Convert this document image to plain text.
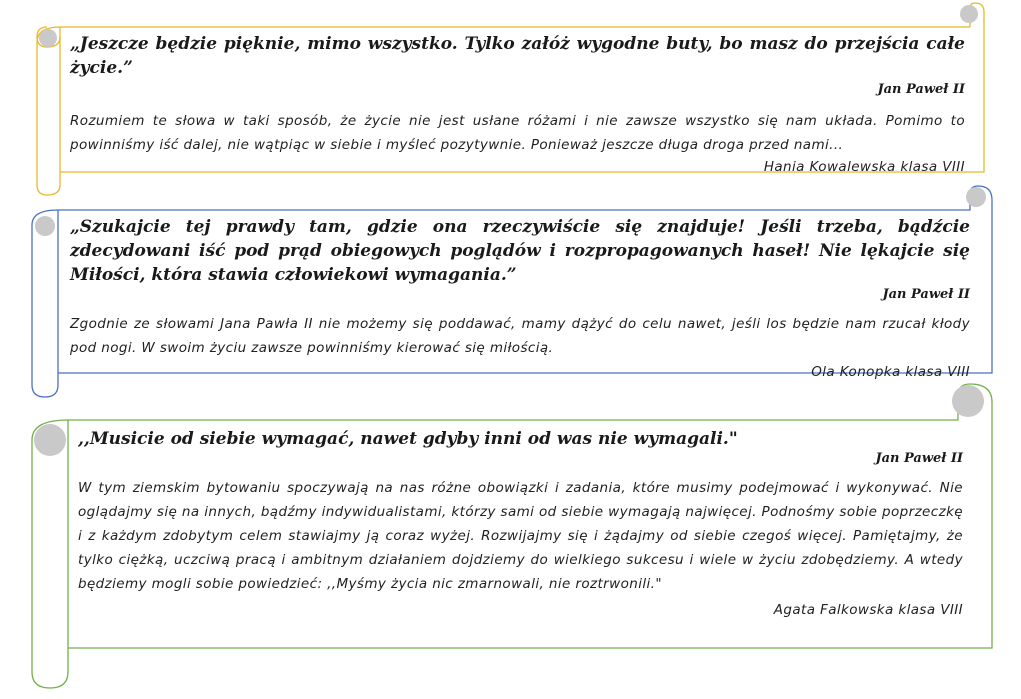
„Jeszcze będzie pięknie, mimo wszystko. Tylko załóż wygodne buty, bo masz do przejścia całe życie.”

Jan Paweł II

Rozumiem te słowa w taki sposób, że życie nie jest usłane różami i nie zawsze wszystko się nam układa. Pomimo to powinniśmy iść dalej, nie wątpiąc w siebie i myśleć pozytywnie. Ponieważ jeszcze długa droga przed nami...

Hania Kowalewska klasa VIII

„Szukajcie tej prawdy tam, gdzie ona rzeczywiście się znajduje! Jeśli trzeba, bądźcie zdecydowani iść pod prąd obiegowych poglądów i rozpropagowanych haseł! Nie lękajcie się Miłości, która stawia człowiekowi wymagania.”

Jan Paweł II

Zgodnie ze słowami Jana Pawła II nie możemy się poddawać, mamy dążyć do celu nawet, jeśli los będzie nam rzucał kłody pod nogi. W swoim życiu zawsze powinniśmy kierować się miłością.

Ola Konopka klasa VIII

,,Musicie od siebie wymagać, nawet gdyby inni od was nie wymagali."

Jan Paweł II

W tym ziemskim bytowaniu spoczywają na nas różne obowiązki i zadania, które musimy podejmować i wykonywać. Nie oglądajmy się na innych, bądźmy indywidualistami, którzy sami od siebie wymagają najwięcej. Podnośmy sobie poprzeczkę i z każdym zdobytym celem stawiajmy ją coraz wyżej. Rozwijajmy się i żądajmy od siebie czegoś więcej. Pamiętajmy, że tylko ciężką, uczciwą pracą i ambitnym działaniem dojdziemy do wielkiego sukcesu i wiele w życiu zdobędziemy. A wtedy będziemy mogli sobie powiedzieć: ,,Myśmy życia nic zmarnowali, nie roztrwonili."

Agata Falkowska klasa VIII
